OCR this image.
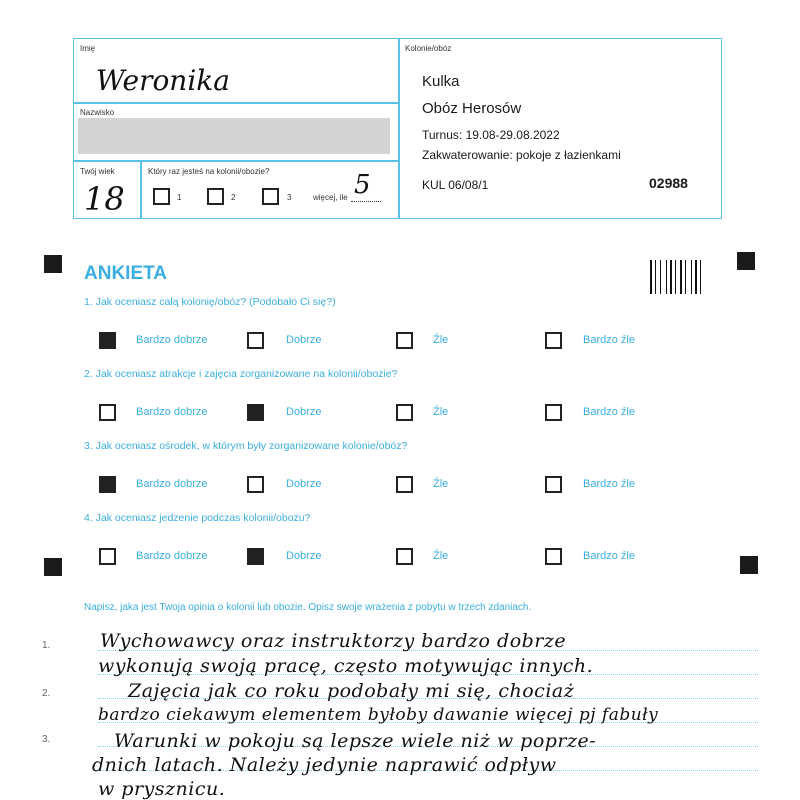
Imię
Weronika
Nazwisko
Twój wiek
18
Który raz jesteś na kolonii/obozie?
1	2	3	więcej, ile 5
Kolonie/obóz
Kulka
Obóz Herosów
Turnus: 19.08-29.08.2022
Zakwaterowanie: pokoje z łazienkami
KUL 06/08/1	02988
ANKIETA
1. Jak oceniasz całą kolonię/obóz? (Podobało Ci się?)
Bardzo dobrze	Dobrze	Źle	Bardzo źle
2. Jak oceniasz atrakcje i zajęcia zorganizowane na kolonii/obozie?
Bardzo dobrze	Dobrze	Źle	Bardzo źle
3. Jak oceniasz ośrodek, w którym były zorganizowane kolonie/obóz?
Bardzo dobrze	Dobrze	Źle	Bardzo źle
4. Jak oceniasz jedzenie podczas kolonii/obozu?
Bardzo dobrze	Dobrze	Źle	Bardzo źle
Napisz, jaka jest Twoja opinia o kolonii lub obozie. Opisz swoje wrażenia z pobytu w trzech zdaniach.
1.
2.
3.
Wychowawcy oraz instruktorzy bardzo dobrze
wykonują swoją pracę, często motywując innych.
Zajęcia jak co roku podobały mi się, chociaż
bardzo ciekawym elementem byłoby dawanie więcej pj fabuły
Warunki w pokoju są lepsze wiele niż w poprze-
dnich latach. Należy jedynie naprawić odpływ
w prysznicu.
